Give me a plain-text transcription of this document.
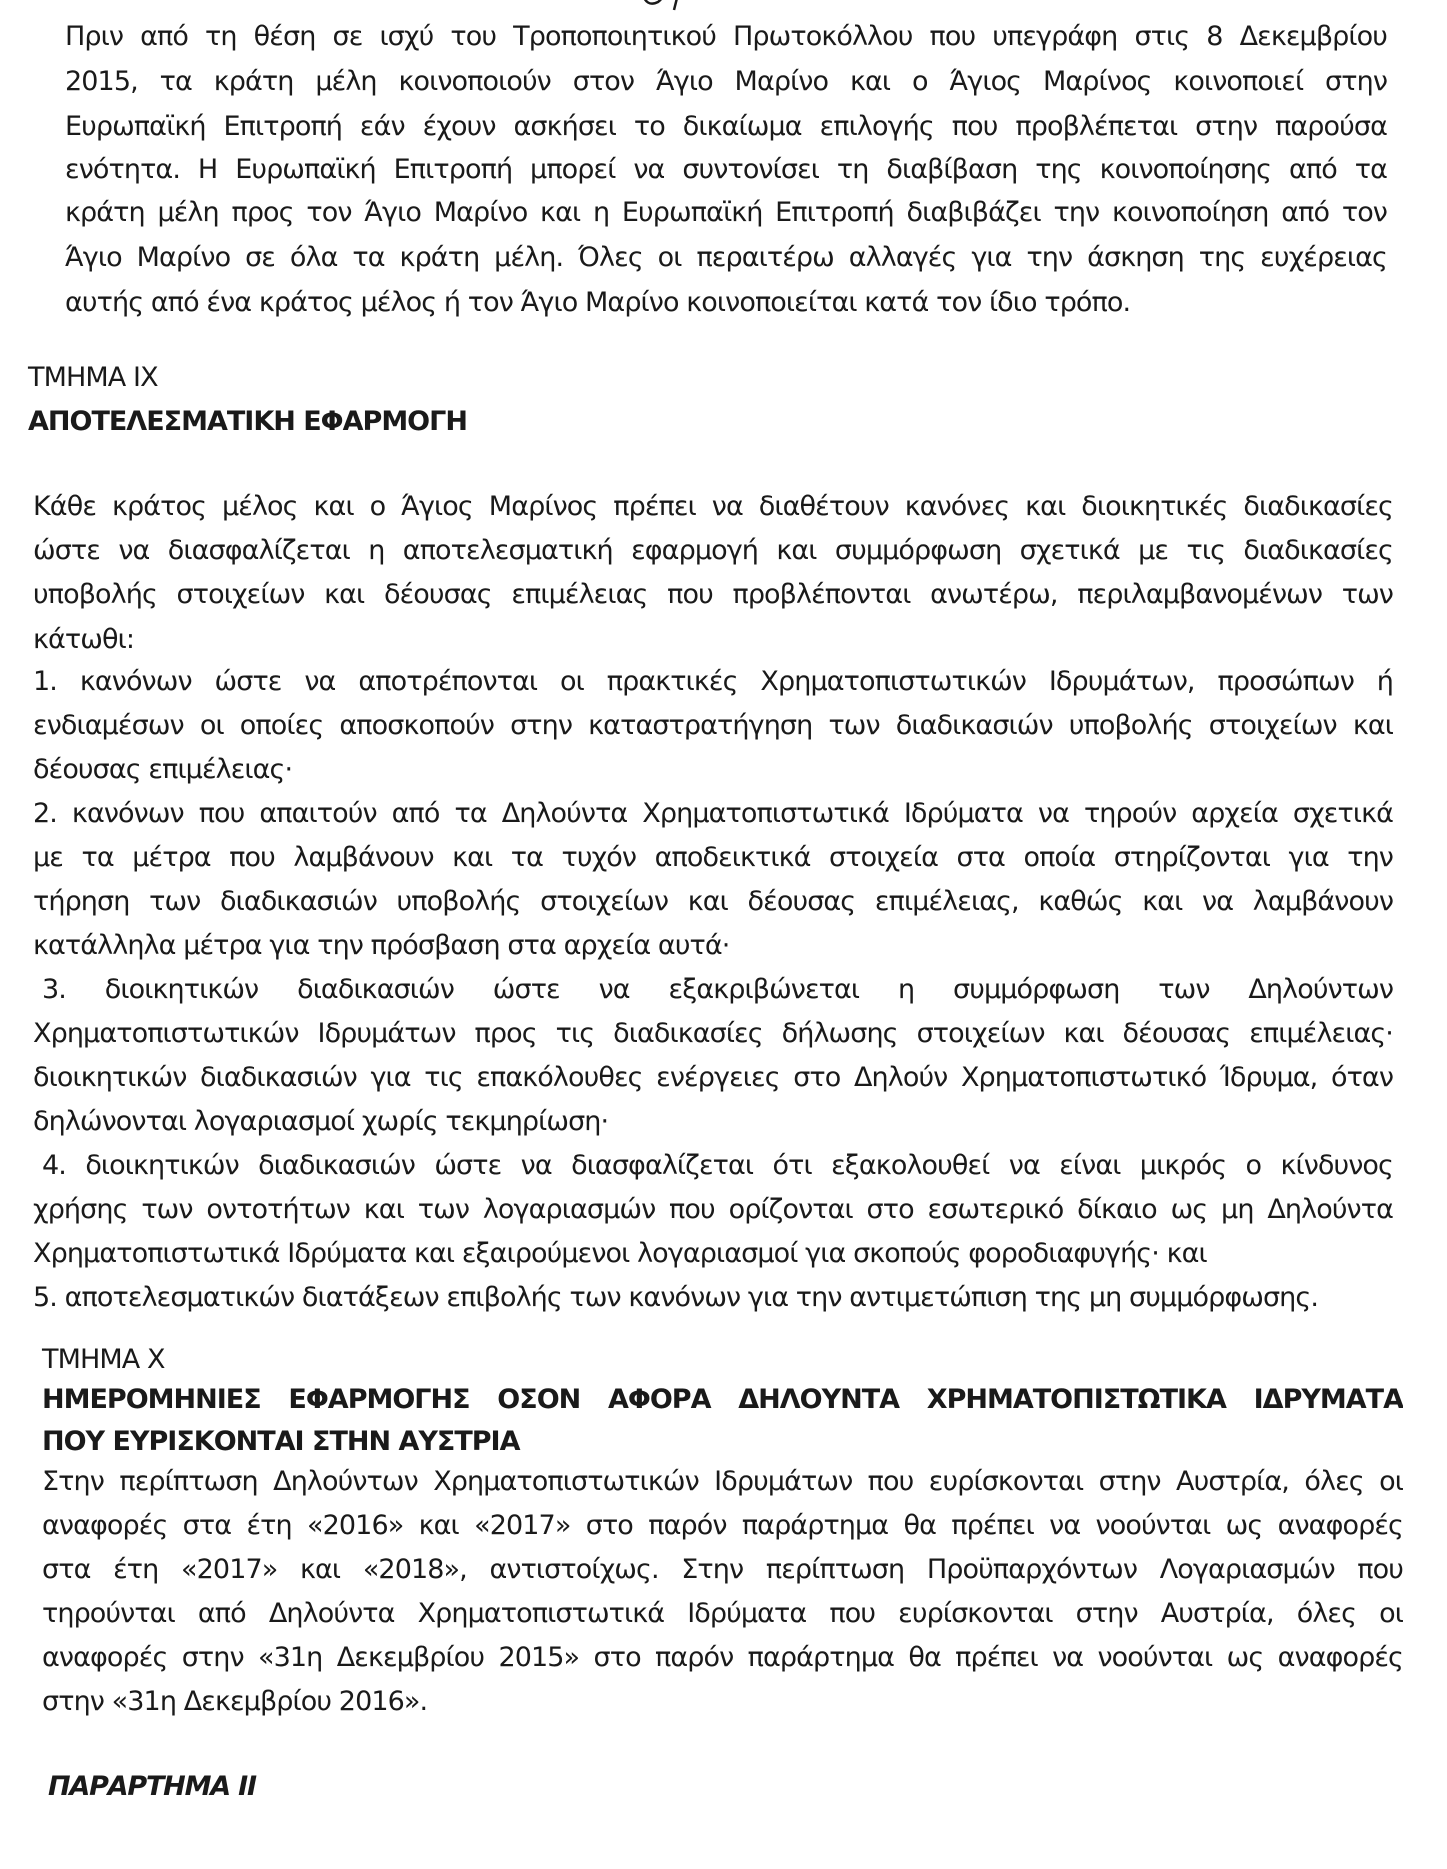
Πριν από τη θέση σε ισχύ του Τροποποιητικού Πρωτοκόλλου που υπεγράφη στις 8 Δεκεμβρίου
2015, τα κράτη μέλη κοινοποιούν στον Άγιο Μαρίνο και ο Άγιος Μαρίνος κοινοποιεί στην
Ευρωπαϊκή Επιτροπή εάν έχουν ασκήσει το δικαίωμα επιλογής που προβλέπεται στην παρούσα
ενότητα. Η Ευρωπαϊκή Επιτροπή μπορεί να συντονίσει τη διαβίβαση της κοινοποίησης από τα
κράτη μέλη προς τον Άγιο Μαρίνο και η Ευρωπαϊκή Επιτροπή διαβιβάζει την κοινοποίηση από τον
Άγιο Μαρίνο σε όλα τα κράτη μέλη. Όλες οι περαιτέρω αλλαγές για την άσκηση της ευχέρειας
αυτής από ένα κράτος μέλος ή τον Άγιο Μαρίνο κοινοποιείται κατά τον ίδιο τρόπο.
ΤΜΗΜΑ IX
ΑΠΟΤΕΛΕΣΜΑΤΙΚΗ ΕΦΑΡΜΟΓΗ
Κάθε κράτος μέλος και ο Άγιος Μαρίνος πρέπει να διαθέτουν κανόνες και διοικητικές διαδικασίες
ώστε να διασφαλίζεται η αποτελεσματική εφαρμογή και συμμόρφωση σχετικά με τις διαδικασίες
υποβολής στοιχείων και δέουσας επιμέλειας που προβλέπονται ανωτέρω, περιλαμβανομένων των
κάτωθι:
1. κανόνων ώστε να αποτρέπονται οι πρακτικές Χρηματοπιστωτικών Ιδρυμάτων, προσώπων ή
ενδιαμέσων οι οποίες αποσκοπούν στην καταστρατήγηση των διαδικασιών υποβολής στοιχείων και
δέουσας επιμέλειας·
2. κανόνων που απαιτούν από τα Δηλούντα Χρηματοπιστωτικά Ιδρύματα να τηρούν αρχεία σχετικά
με τα μέτρα που λαμβάνουν και τα τυχόν αποδεικτικά στοιχεία στα οποία στηρίζονται για την
τήρηση των διαδικασιών υποβολής στοιχείων και δέουσας επιμέλειας, καθώς και να λαμβάνουν
κατάλληλα μέτρα για την πρόσβαση στα αρχεία αυτά·
3. διοικητικών διαδικασιών ώστε να εξακριβώνεται η συμμόρφωση των Δηλούντων
Χρηματοπιστωτικών Ιδρυμάτων προς τις διαδικασίες δήλωσης στοιχείων και δέουσας επιμέλειας·
διοικητικών διαδικασιών για τις επακόλουθες ενέργειες στο Δηλούν Χρηματοπιστωτικό Ίδρυμα, όταν
δηλώνονται λογαριασμοί χωρίς τεκμηρίωση·
4. διοικητικών διαδικασιών ώστε να διασφαλίζεται ότι εξακολουθεί να είναι μικρός ο κίνδυνος
χρήσης των οντοτήτων και των λογαριασμών που ορίζονται στο εσωτερικό δίκαιο ως μη Δηλούντα
Χρηματοπιστωτικά Ιδρύματα και εξαιρούμενοι λογαριασμοί για σκοπούς φοροδιαφυγής· και
5. αποτελεσματικών διατάξεων επιβολής των κανόνων για την αντιμετώπιση της μη συμμόρφωσης.
ΤΜΗΜΑ X
ΗΜΕΡΟΜΗΝΙΕΣ ΕΦΑΡΜΟΓΗΣ ΟΣΟΝ ΑΦΟΡΑ ΔΗΛΟΥΝΤΑ ΧΡΗΜΑΤΟΠΙΣΤΩΤΙΚΑ ΙΔΡΥΜΑΤΑ
ΠΟΥ ΕΥΡΙΣΚΟΝΤΑΙ ΣΤΗΝ ΑΥΣΤΡΙΑ
Στην περίπτωση Δηλούντων Χρηματοπιστωτικών Ιδρυμάτων που ευρίσκονται στην Αυστρία, όλες οι
αναφορές στα έτη «2016» και «2017» στο παρόν παράρτημα θα πρέπει να νοούνται ως αναφορές
στα έτη «2017» και «2018», αντιστοίχως. Στην περίπτωση Προϋπαρχόντων Λογαριασμών που
τηρούνται από Δηλούντα Χρηματοπιστωτικά Ιδρύματα που ευρίσκονται στην Αυστρία, όλες οι
αναφορές στην «31η Δεκεμβρίου 2015» στο παρόν παράρτημα θα πρέπει να νοούνται ως αναφορές
στην «31η Δεκεμβρίου 2016».
ΠΑΡΑΡΤΗΜΑ II
